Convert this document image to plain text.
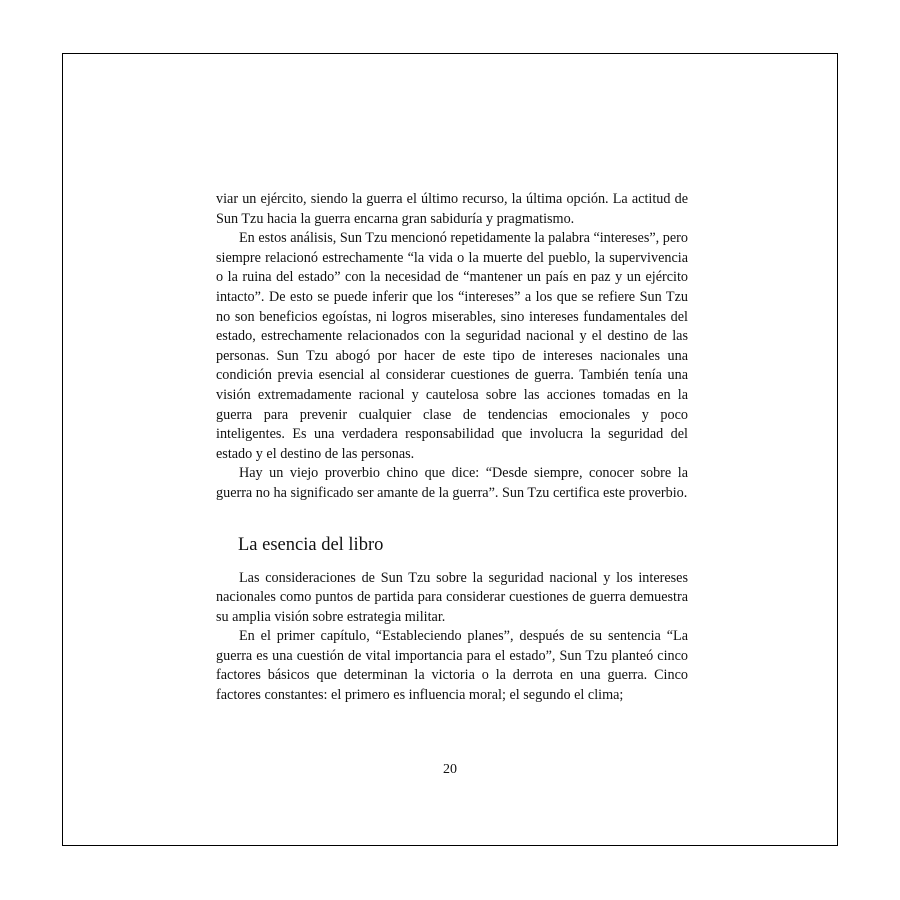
viar un ejército, siendo la guerra el último recurso, la última opción. La actitud de Sun Tzu hacia la guerra encarna gran sabiduría y pragmatismo.

En estos análisis, Sun Tzu mencionó repetidamente la palabra “intereses”, pero siempre relacionó estrechamente “la vida o la muerte del pueblo, la supervivencia o la ruina del estado” con la necesidad de “mantener un país en paz y un ejército intacto”. De esto se puede inferir que los “intereses” a los que se refiere Sun Tzu no son beneficios egoístas, ni logros miserables, sino intereses fundamentales del estado, estrechamente relacionados con la seguridad nacional y el destino de las personas. Sun Tzu abogó por hacer de este tipo de intereses nacionales una condición previa esencial al considerar cuestiones de guerra. También tenía una visión extremadamente racional y cautelosa sobre las acciones tomadas en la guerra para prevenir cualquier clase de tendencias emocionales y poco inteligentes. Es una verdadera responsabilidad que involucra la seguridad del estado y el destino de las personas.

Hay un viejo proverbio chino que dice: “Desde siempre, conocer sobre la guerra no ha significado ser amante de la guerra”. Sun Tzu certifica este proverbio.

La esencia del libro

Las consideraciones de Sun Tzu sobre la seguridad nacional y los intereses nacionales como puntos de partida para considerar cuestiones de guerra demuestra su amplia visión sobre estrategia militar.

En el primer capítulo, “Estableciendo planes”, después de su sentencia “La guerra es una cuestión de vital importancia para el estado”, Sun Tzu planteó cinco factores básicos que determinan la victoria o la derrota en una guerra. Cinco factores constantes: el primero es influencia moral; el segundo el clima;

20
